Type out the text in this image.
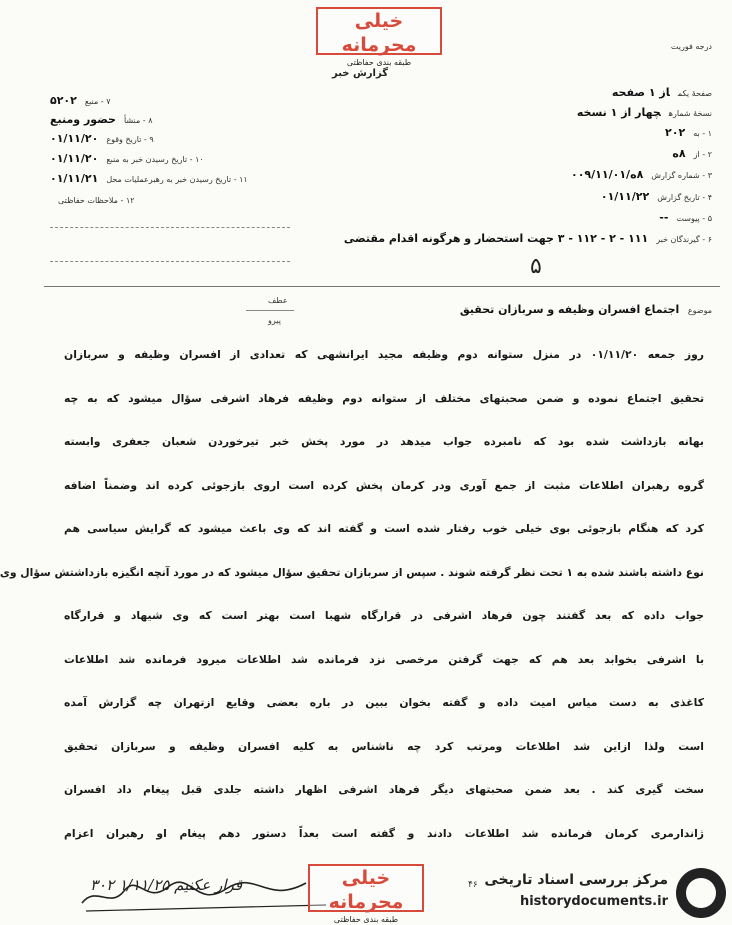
خیلی محرمانه
طبقه بندی حفاظتی
درجه فوریت
گزارش خبر
۷ - منبع۵۲۰۲
۸ - منشأحضور ومنبع
۹ - تاریخ وقوع۰۱/۱۱/۲۰
۱۰ - تاریخ رسیدن خبر به منبع۰۱/۱۱/۲۰
۱۱ - تاریخ رسیدن خبر به رهبرعملیات محل۰۱/۱۱/۲۱
۱۲ - ملاحظات حفاظتی
صفحهٔ یکماز ۱ صفحه
نسخهٔ شمارهچهار از ۱ نسخه
۱ - به۲۰۲
۲ - از۸ه
۳ - شماره گزارش۸ه/۰۰۹/۱۱/۰۱
۴ - تاریخ گزارش۰۱/۱۱/۲۲
۵ - پیوست--
۶ - گیرندگان خبر۱۱۱ - ۲ - ۱۱۲ - ۳ جهت استحضار و هرگونه اقدام مقتضی
۵
موضوع اجتماع افسران وظیفه و سربازان تحقیق
عطف
پیرو
روز جمعه ۰۱/۱۱/۲۰ در منزل ستوانه دوم وظیفه مجید ایرانشهی که تعدادی از افسران وظیفه و سربازان
تحقیق اجتماع نموده و ضمن صحبتهای مختلف از ستوانه دوم وظیفه فرهاد اشرفی سؤال میشود که به چه
بهانه بازداشت شده بود که نامبرده جواب میدهد در مورد پخش خبر تیرخوردن شعبان جعفری وابسته
گروه رهبران اطلاعات مثبت از جمع آوری ودر کرمان پخش کرده است اروی بازجوئی کرده اند وضمناً اضافه
کرد که هنگام بازجوئی بوی خیلی خوب رفتار شده است و گفته اند که وی باعث میشود که گرایش سیاسی هم
نوع داشته باشند شده به ۱ تحت نظر گرفته شوند . سپس از سربازان تحقیق سؤال میشود که در مورد آنچه انگیزه بازداشتش سؤال وی
جواب داده که بعد گفتند چون فرهاد اشرفی در قرارگاه شهبا است بهتر است که وی شیهاد و قرارگاه
با اشرفی بخوابد بعد هم که جهت گرفتن مرخصی نزد فرمانده شد اطلاعات میرود فرمانده شد اطلاعات
کاغذی به دست میاس امیت داده و گفته بخوان ببین در باره بعضی وقایع ازتهران چه گزارش آمده
است ولذا ازاین شد اطلاعات ومرتب کرد چه ناشناس به کلیه افسران وظیفه و سربازان تحقیق
سخت گیری کند . بعد ضمن صحبتهای دیگر فرهاد اشرفی اظهار داشته جلدی قبل پیغام داد افسران
ژاندارمری کرمان فرمانده شد اطلاعات دادند و گفته است بعداً دستور دهم پیغام او رهبران اعزام
۳۰۲ ۱/۱۱/۲۵ قرار عکنیم	خیلی محرمانه
طبقه بندی حفاظتی
۴۶ مرکز بررسی اسناد تاریخی
historydocuments.ir
